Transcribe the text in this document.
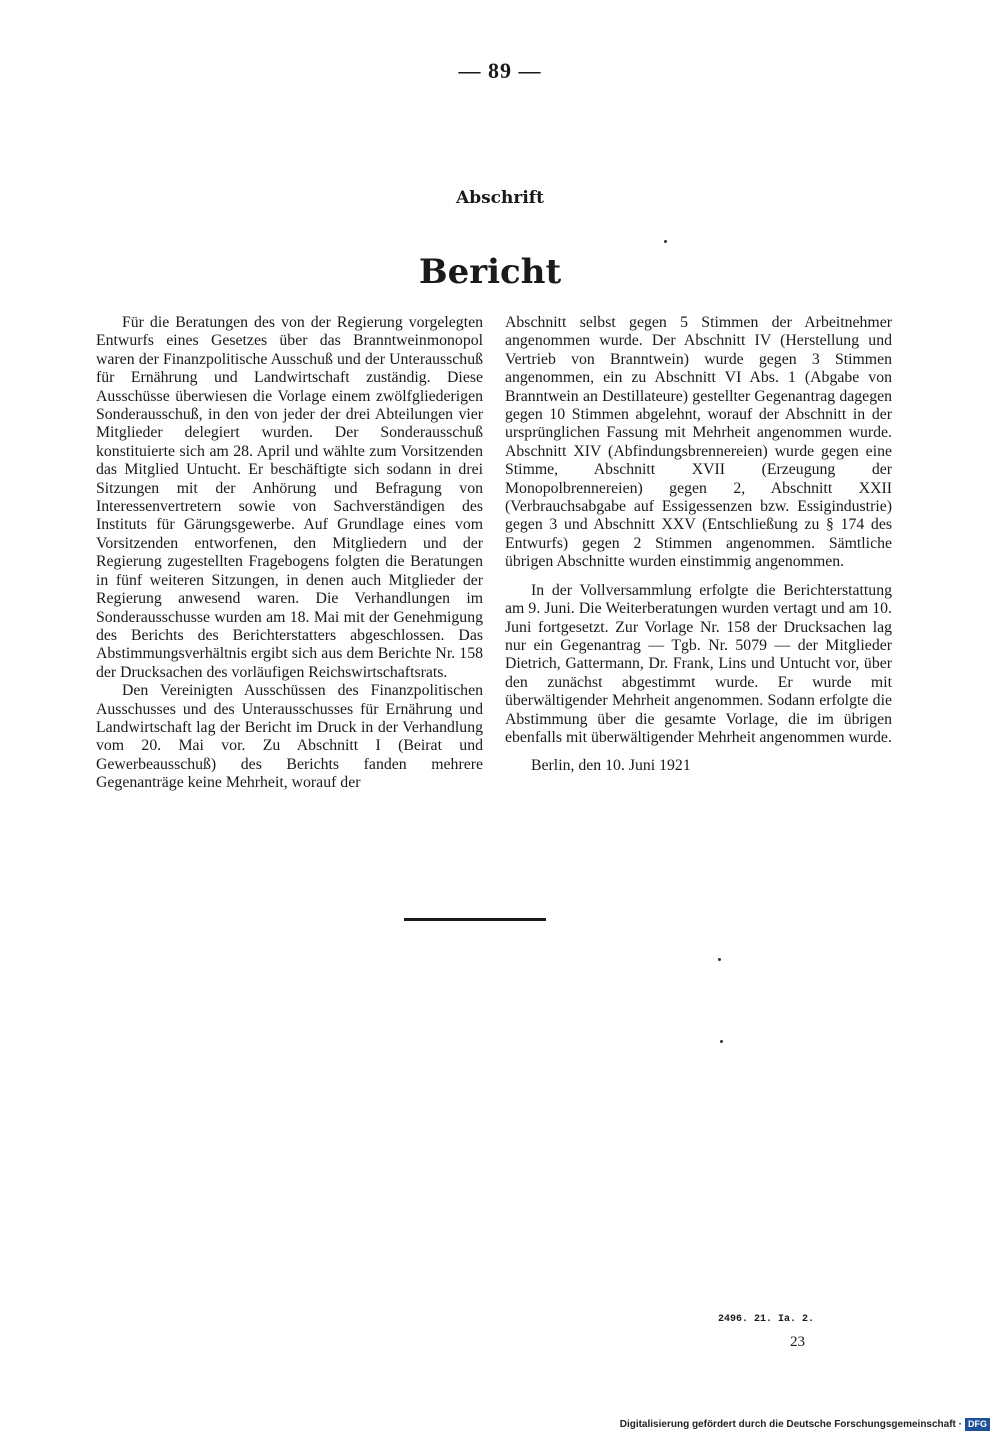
— 89 —
Abschrift
Bericht

Für die Beratungen des von der Regierung vorgelegten Entwurfs eines Gesetzes über das Branntweinmonopol waren der Finanzpolitische Ausschuß und der Unterausschuß für Ernährung und Landwirtschaft zuständig. Diese Ausschüsse überwiesen die Vorlage einem zwölfgliederigen Sonderausschuß, in den von jeder der drei Abteilungen vier Mitglieder delegiert wurden. Der Sonderausschuß konstituierte sich am 28. April und wählte zum Vorsitzenden das Mitglied Untucht. Er beschäftigte sich sodann in drei Sitzungen mit der Anhörung und Befragung von Interessenvertretern sowie von Sachverständigen des Instituts für Gärungsgewerbe. Auf Grundlage eines vom Vorsitzenden entworfenen, den Mitgliedern und der Regierung zugestellten Fragebogens folgten die Beratungen in fünf weiteren Sitzungen, in denen auch Mitglieder der Regierung anwesend waren. Die Verhandlungen im Sonderausschusse wurden am 18. Mai mit der Genehmigung des Berichts des Berichterstatters abgeschlossen. Das Abstimmungsverhältnis ergibt sich aus dem Berichte Nr. 158 der Drucksachen des vorläufigen Reichswirtschaftsrats.

Den Vereinigten Ausschüssen des Finanzpolitischen Ausschusses und des Unterausschusses für Ernährung und Landwirtschaft lag der Bericht im Druck in der Verhandlung vom 20. Mai vor. Zu Abschnitt I (Beirat und Gewerbeausschuß) des Berichts fanden mehrere Gegenanträge keine Mehrheit, worauf der

Abschnitt selbst gegen 5 Stimmen der Arbeitnehmer angenommen wurde. Der Abschnitt IV (Herstellung und Vertrieb von Branntwein) wurde gegen 3 Stimmen angenommen, ein zu Abschnitt VI Abs. 1 (Abgabe von Branntwein an Destillateure) gestellter Gegenantrag dagegen gegen 10 Stimmen abgelehnt, worauf der Abschnitt in der ursprünglichen Fassung mit Mehrheit angenommen wurde. Abschnitt XIV (Abfindungsbrennereien) wurde gegen eine Stimme, Abschnitt XVII (Erzeugung der Monopolbrennereien) gegen 2, Abschnitt XXII (Verbrauchsabgabe auf Essigessenzen bzw. Essigindustrie) gegen 3 und Abschnitt XXV (Entschließung zu § 174 des Entwurfs) gegen 2 Stimmen angenommen. Sämtliche übrigen Abschnitte wurden einstimmig angenommen.

In der Vollversammlung erfolgte die Berichterstattung am 9. Juni. Die Weiterberatungen wurden vertagt und am 10. Juni fortgesetzt. Zur Vorlage Nr. 158 der Drucksachen lag nur ein Gegenantrag — Tgb. Nr. 5079 — der Mitglieder Dietrich, Gattermann, Dr. Frank, Lins und Untucht vor, über den zunächst abgestimmt wurde. Er wurde mit überwältigender Mehrheit angenommen. Sodann erfolgte die Abstimmung über die gesamte Vorlage, die im übrigen ebenfalls mit überwältigender Mehrheit angenommen wurde.

Berlin, den 10. Juni 1921

2496. 21. Ia. 2.
23
Digitalisierung gefördert durch die Deutsche Forschungsgemeinschaft · DFG
